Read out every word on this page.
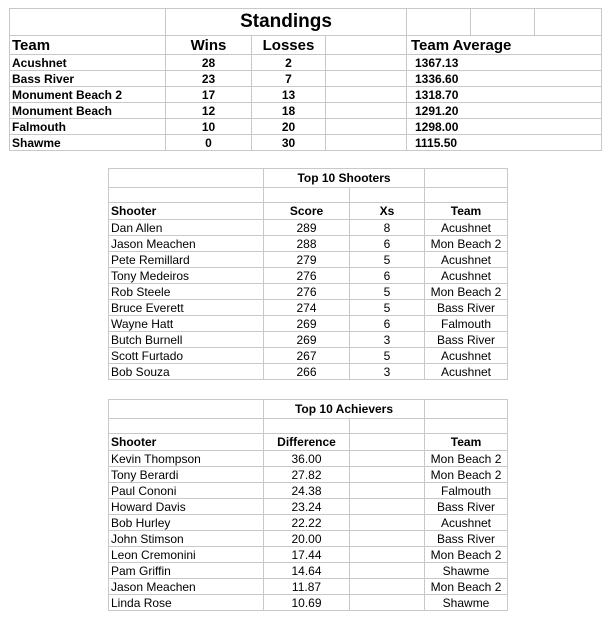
	Standings					
Team	Wins	Losses		Team Average		
Acushnet	28	2		1367.13		
Bass River	23	7		1336.60		
Monument Beach 2	17	13		1318.70		
Monument Beach	12	18		1291.20		
Falmouth	10	20		1298.00		
Shawme	0	30		1115.50		
	Top 10 Shooters		

Shooter	Score	Xs	Team
Dan Allen	289	8	Acushnet
Jason Meachen	288	6	Mon Beach 2
Pete Remillard	279	5	Acushnet
Tony Medeiros	276	6	Acushnet
Rob Steele	276	5	Mon Beach 2
Bruce Everett	274	5	Bass River
Wayne Hatt	269	6	Falmouth
Butch Burnell	269	3	Bass River
Scott Furtado	267	5	Acushnet
Bob Souza	266	3	Acushnet
	Top 10 Achievers		

Shooter	Difference		Team
Kevin Thompson	36.00		Mon Beach 2
Tony Berardi	27.82		Mon Beach 2
Paul Cononi	24.38		Falmouth
Howard Davis	23.24		Bass River
Bob Hurley	22.22		Acushnet
John Stimson	20.00		Bass River
Leon Cremonini	17.44		Mon Beach 2
Pam Griffin	14.64		Shawme
Jason Meachen	11.87		Mon Beach 2
Linda Rose	10.69		Shawme
